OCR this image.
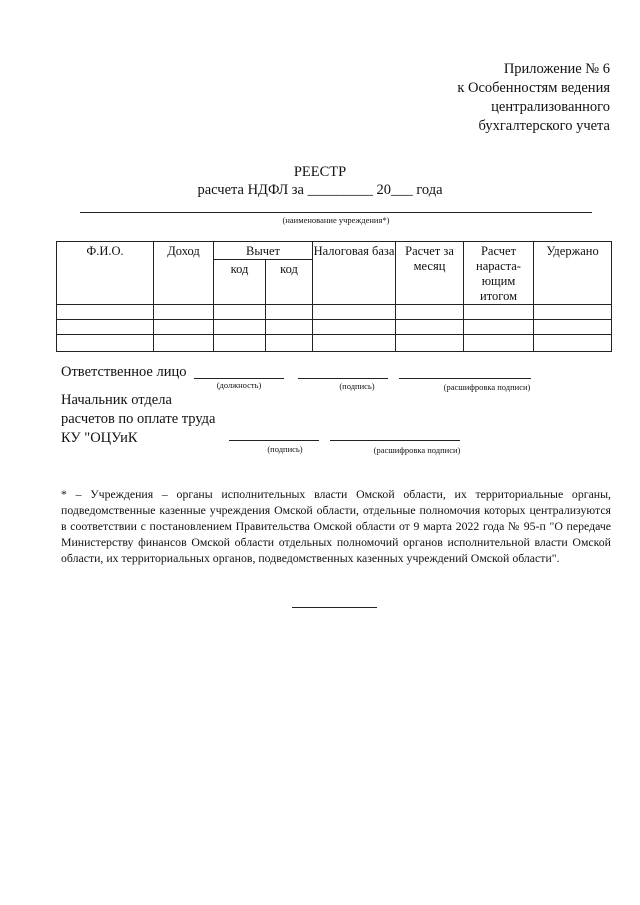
Приложение № 6
к Особенностям ведения
централизованного
бухгалтерского учета
РЕЕСТР
расчета НДФЛ за _________ 20___ года
(наименование учреждения*)
Ф.И.О.	Доход	Вычет		Налоговая база	Расчет за месяц	Расчет нараста-ющим итогом	Удержано
		код	код				

Ответственное лицо
(должность)	(подпись)	(расшифровка подписи)
Начальник отдела
расчетов по оплате труда
КУ "ОЦУиК
(подпись)	(расшифровка подписи)
* – Учреждения – органы исполнительных власти Омской области, их территориальные органы, подведомственные казенные учреждения Омской области, отдельные полномочия которых централизуются в соответствии с постановлением Правительства Омской области от 9 марта 2022 года № 95-п "О передаче Министерству финансов Омской области отдельных полномочий органов исполнительной власти Омской области, их территориальных органов, подведомственных казенных учреждений Омской области".
